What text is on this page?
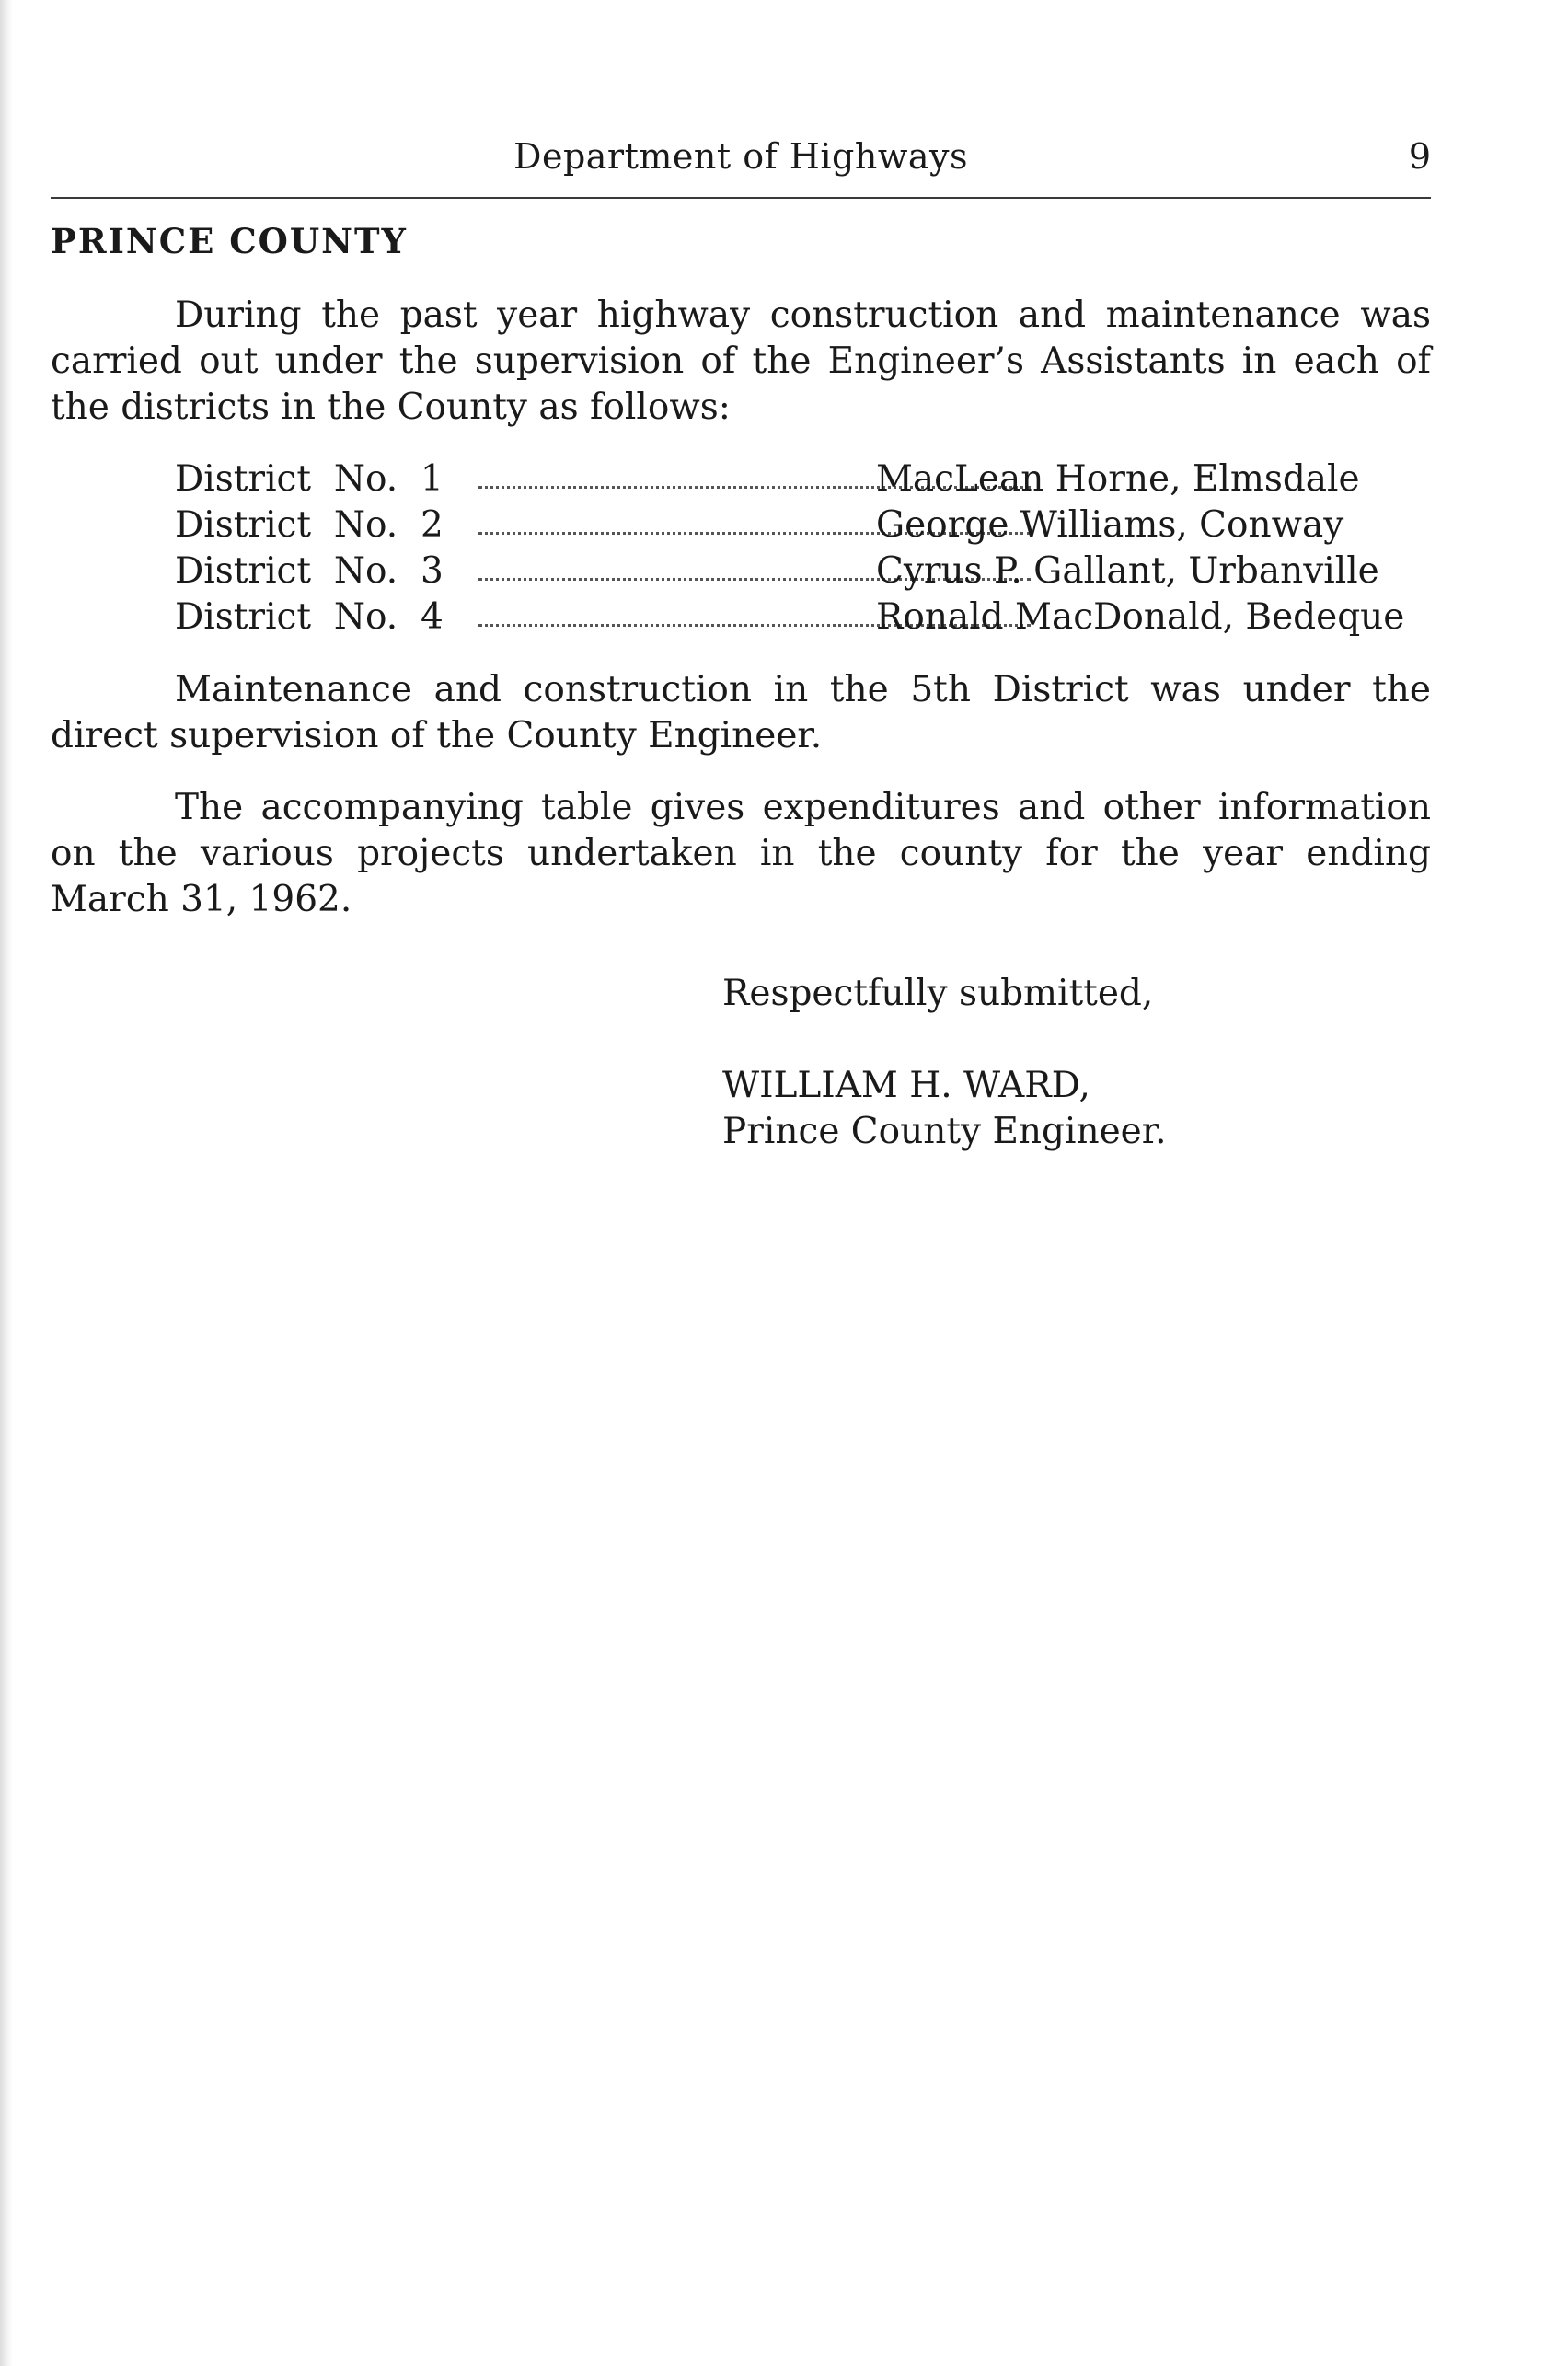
Department of Highways	9
PRINCE COUNTY

During the past year highway construction and maintenance was carried out under the supervision of the Engineer’s Assistants in each of the districts in the County as follows:

District  No.  1	MacLean Horne, Elmsdale
District  No.  2	George Williams, Conway
District  No.  3	Cyrus P. Gallant, Urbanville
District  No.  4	Ronald MacDonald, Bedeque

Maintenance and construction in the 5th District was under the direct supervision of the County Engineer.

The accompanying table gives expenditures and other information on the various projects undertaken in the county for the year ending March 31, 1962.

Respectfully submitted,

WILLIAM H. WARD,

Prince County Engineer.
